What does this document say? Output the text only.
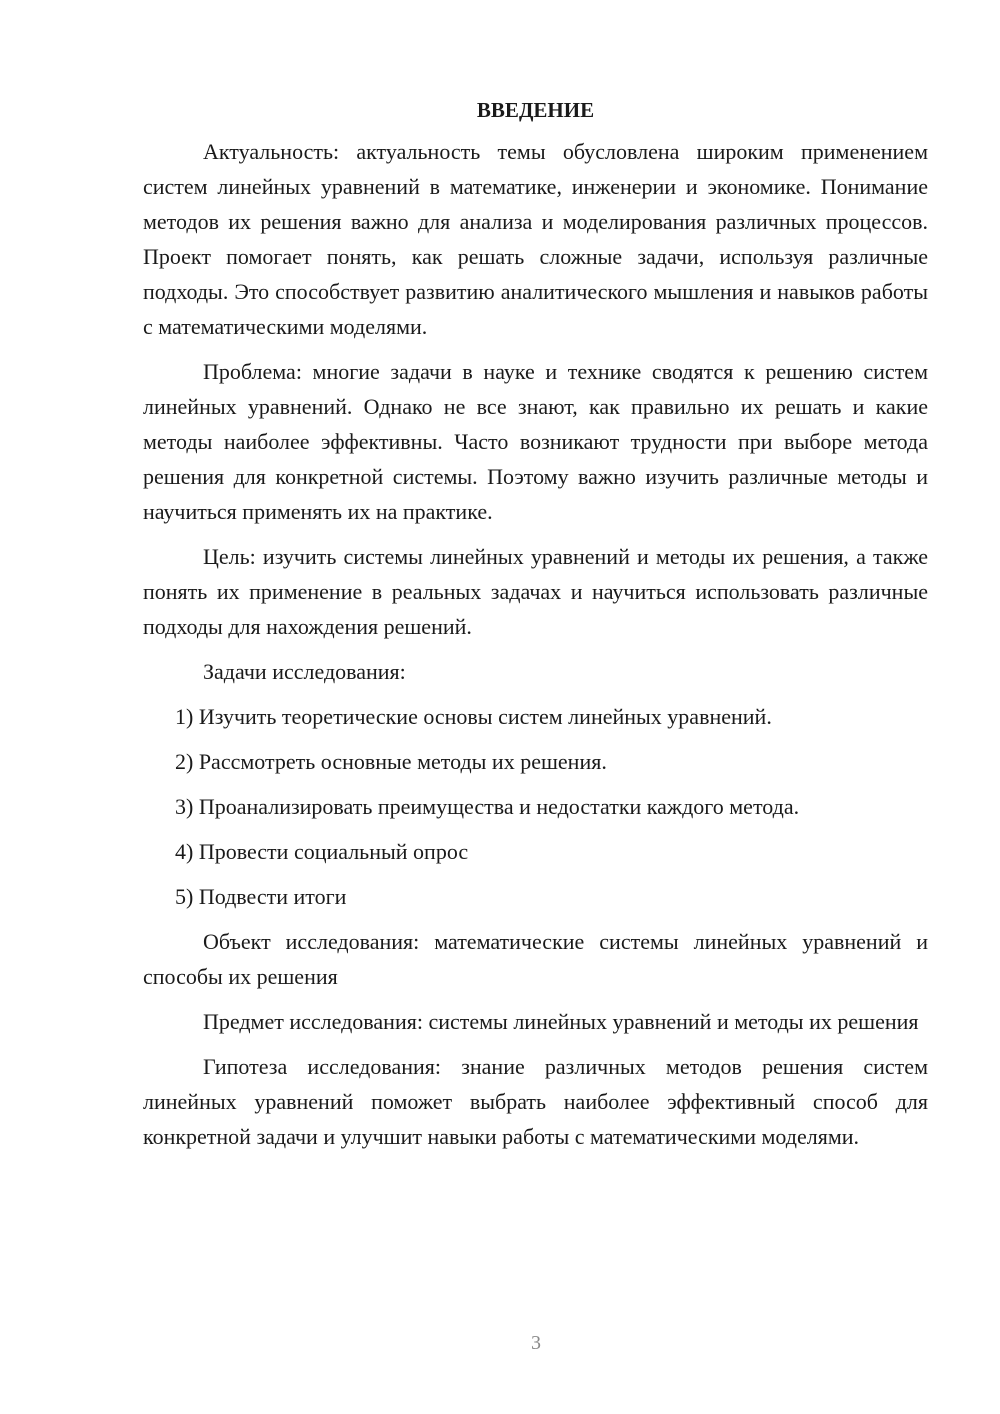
ВВЕДЕНИЕ

Актуальность: актуальность темы обусловлена широким применением систем линейных уравнений в математике, инженерии и экономике. Понимание методов их решения важно для анализа и моделирования различных процессов. Проект помогает понять, как решать сложные задачи, используя различные подходы. Это способствует развитию аналитического мышления и навыков работы с математическими моделями.

Проблема: многие задачи в науке и технике сводятся к решению систем линейных уравнений. Однако не все знают, как правильно их решать и какие методы наиболее эффективны. Часто возникают трудности при выборе метода решения для конкретной системы. Поэтому важно изучить различные методы и научиться применять их на практике.

Цель: изучить системы линейных уравнений и методы их решения, а также понять их применение в реальных задачах и научиться использовать различные подходы для нахождения решений.

Задачи исследования:

1) Изучить теоретические основы систем линейных уравнений.
2) Рассмотреть основные методы их решения.
3) Проанализировать преимущества и недостатки каждого метода.
4) Провести социальный опрос
5) Подвести итоги

Объект исследования: математические системы линейных уравнений и способы их решения

Предмет исследования: системы линейных уравнений и методы их решения

Гипотеза исследования: знание различных методов решения систем линейных уравнений поможет выбрать наиболее эффективный способ для конкретной задачи и улучшит навыки работы с математическими моделями.

3
